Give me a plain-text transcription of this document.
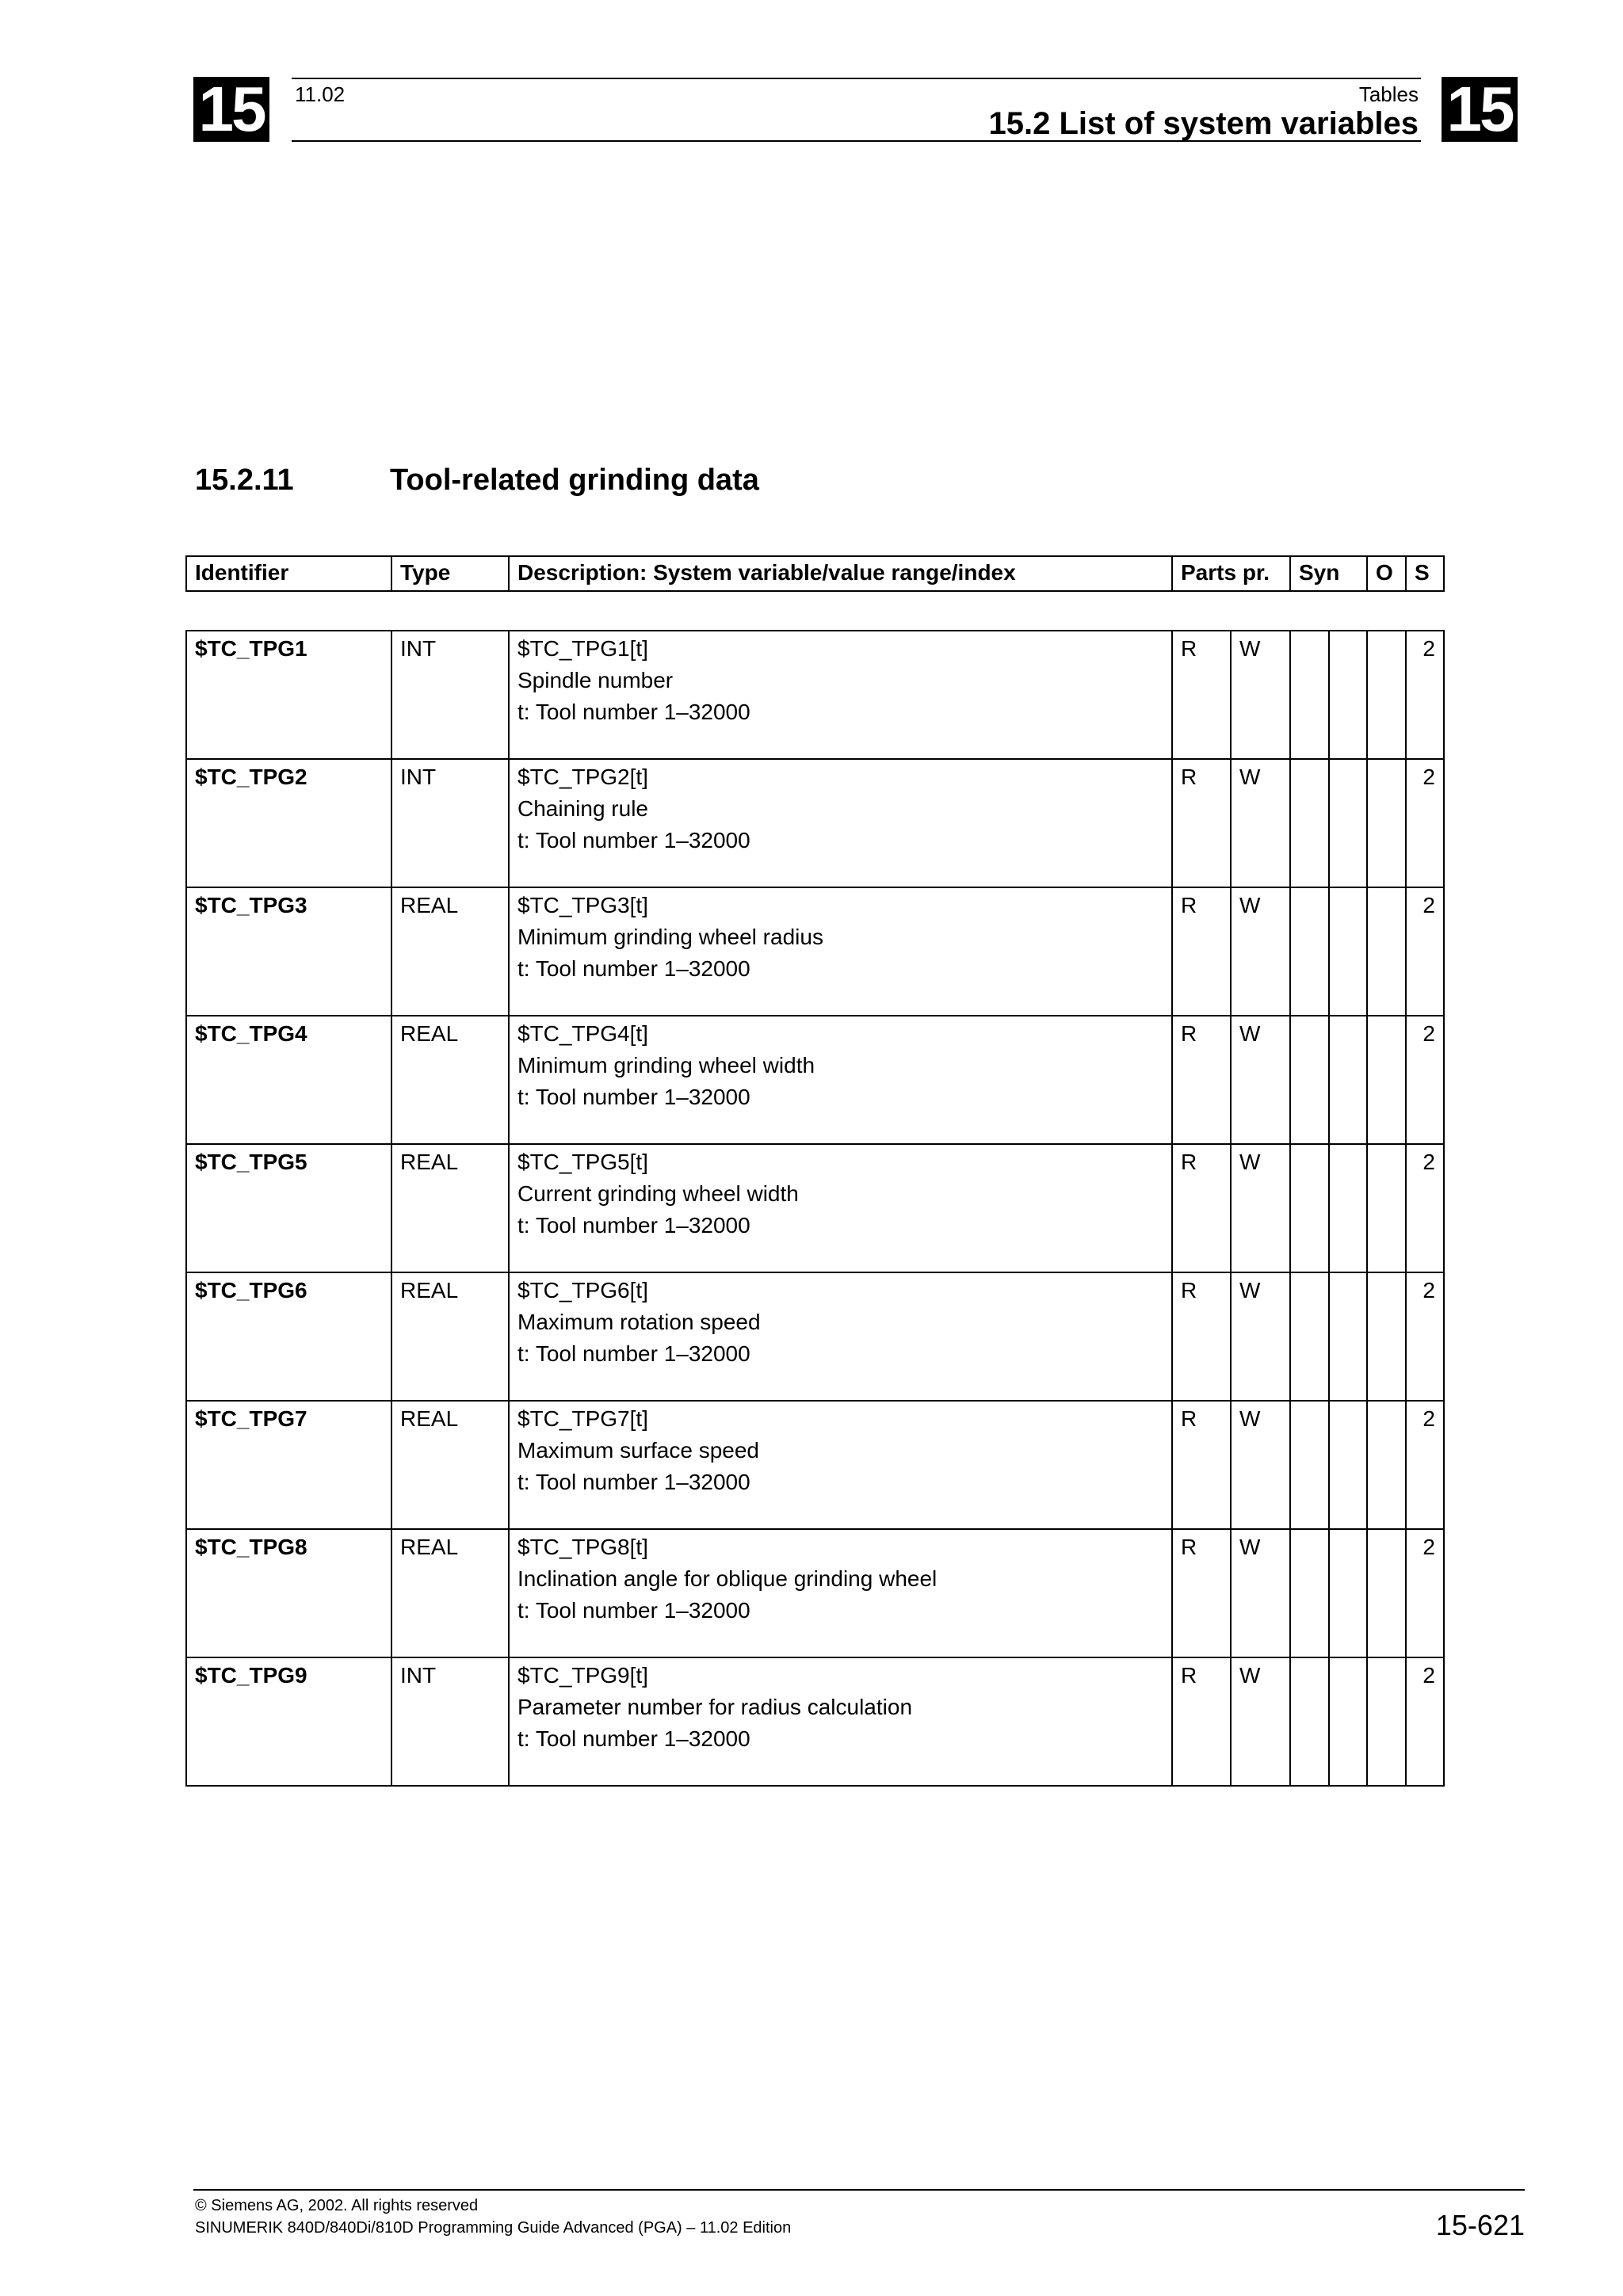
15	15
11.02	Tables
15.2 List of system variables
15.2.11	Tool-related grinding data
Identifier	Type	Description: System variable/value range/index	Parts pr.	Syn	O	S
$TC_TPG1	INT	$TC_TPG1[t]
Spindle number
t: Tool number 1–32000	R	W				2
$TC_TPG2	INT	$TC_TPG2[t]
Chaining rule
t: Tool number 1–32000	R	W				2
$TC_TPG3	REAL	$TC_TPG3[t]
Minimum grinding wheel radius
t: Tool number 1–32000	R	W				2
$TC_TPG4	REAL	$TC_TPG4[t]
Minimum grinding wheel width
t: Tool number 1–32000	R	W				2
$TC_TPG5	REAL	$TC_TPG5[t]
Current grinding wheel width
t: Tool number 1–32000	R	W				2
$TC_TPG6	REAL	$TC_TPG6[t]
Maximum rotation speed
t: Tool number 1–32000	R	W				2
$TC_TPG7	REAL	$TC_TPG7[t]
Maximum surface speed
t: Tool number 1–32000	R	W				2
$TC_TPG8	REAL	$TC_TPG8[t]
Inclination angle for oblique grinding wheel
t: Tool number 1–32000	R	W				2
$TC_TPG9	INT	$TC_TPG9[t]
Parameter number for radius calculation
t: Tool number 1–32000	R	W				2
© Siemens AG, 2002. All rights reserved
SINUMERIK 840D/840Di/810D Programming Guide Advanced (PGA) – 11.02 Edition	15-621
